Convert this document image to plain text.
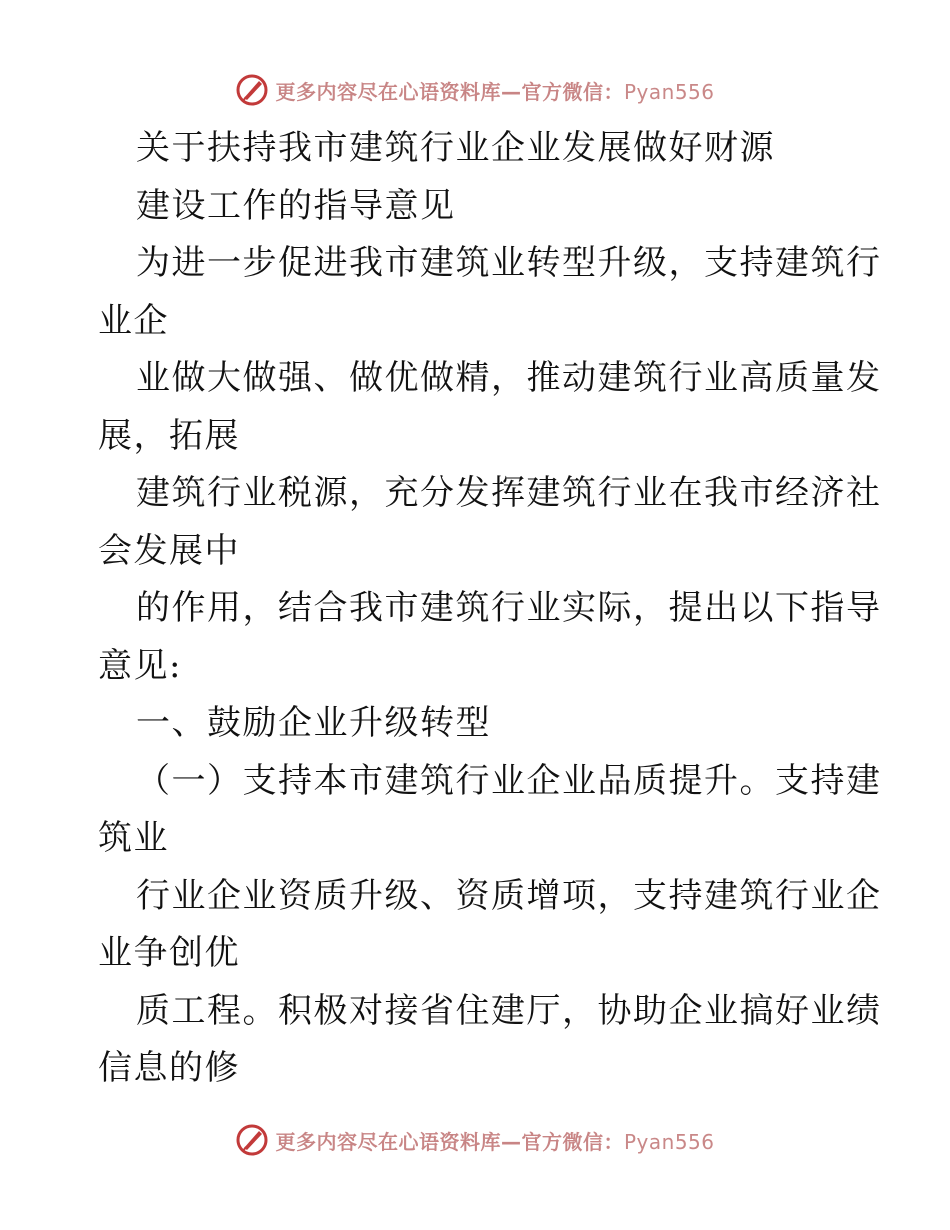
更多内容尽在心语资料库—官方微信：Pyan556
关于扶持我市建筑行业企业发展做好财源
建设工作的指导意见
为进一步促进我市建筑业转型升级，支持建筑行
业企
业做大做强、做优做精，推动建筑行业高质量发
展，拓展
建筑行业税源，充分发挥建筑行业在我市经济社
会发展中
的作用，结合我市建筑行业实际，提出以下指导
意见:
一、鼓励企业升级转型
（一）支持本市建筑行业企业品质提升。支持建
筑业
行业企业资质升级、资质增项，支持建筑行业企
业争创优
质工程。积极对接省住建厅，协助企业搞好业绩
信息的修
更多内容尽在心语资料库—官方微信：Pyan556
